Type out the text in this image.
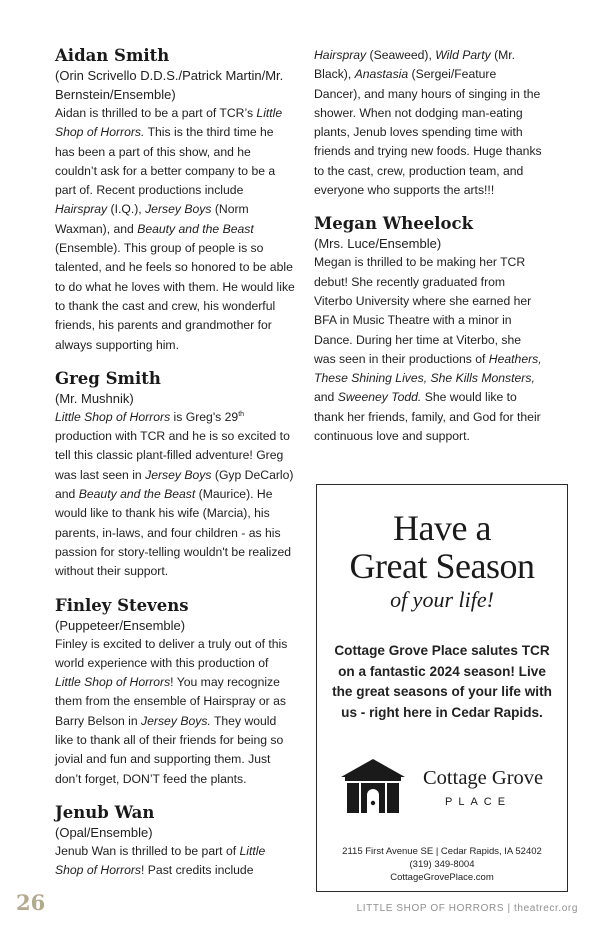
Aidan Smith
(Orin Scrivello D.D.S./Patrick Martin/Mr. Bernstein/Ensemble)

Aidan is thrilled to be a part of TCR’s Little Shop of Horrors. This is the third time he has been a part of this show, and he couldn’t ask for a better company to be a part of. Recent productions include Hairspray (I.Q.), Jersey Boys (Norm Waxman), and Beauty and the Beast (Ensemble). This group of people is so talented, and he feels so honored to be able to do what he loves with them. He would like to thank the cast and crew, his wonderful friends, his parents and grandmother for always supporting him.

Greg Smith
(Mr. Mushnik)

Little Shop of Horrors is Greg's 29th production with TCR and he is so excited to tell this classic plant-filled adventure! Greg was last seen in Jersey Boys (Gyp DeCarlo) and Beauty and the Beast (Maurice). He would like to thank his wife (Marcia), his parents, in-laws, and four children - as his passion for story-telling wouldn't be realized without their support.

Finley Stevens
(Puppeteer/Ensemble)

Finley is excited to deliver a truly out of this world experience with this production of Little Shop of Horrors! You may recognize them from the ensemble of Hairspray or as Barry Belson in Jersey Boys. They would like to thank all of their friends for being so jovial and fun and supporting them. Just don’t forget, DON’T feed the plants.

Jenub Wan
(Opal/Ensemble)

Jenub Wan is thrilled to be part of Little Shop of Horrors! Past credits include

Hairspray (Seaweed), Wild Party (Mr. Black), Anastasia (Sergei/Feature Dancer), and many hours of singing in the shower. When not dodging man-eating plants, Jenub loves spending time with friends and trying new foods. Huge thanks to the cast, crew, production team, and everyone who supports the arts!!!

Megan Wheelock
(Mrs. Luce/Ensemble)

Megan is thrilled to be making her TCR debut! She recently graduated from Viterbo University where she earned her BFA in Music Theatre with a minor in Dance. During her time at Viterbo, she was seen in their productions of Heathers, These Shining Lives, She Kills Monsters, and Sweeney Todd. She would like to thank her friends, family, and God for their continuous love and support.

Have a
Great Season
of your life!
Cottage Grove Place salutes TCR on a fantastic 2024 season! Live the great seasons of your life with us - right here in Cedar Rapids.
Cottage Grove
PLACE
2115 First Avenue SE | Cedar Rapids, IA 52402
(319) 349-8004
CottageGrovePlace.com
26	LITTLE SHOP OF HORRORS | theatrecr.org
